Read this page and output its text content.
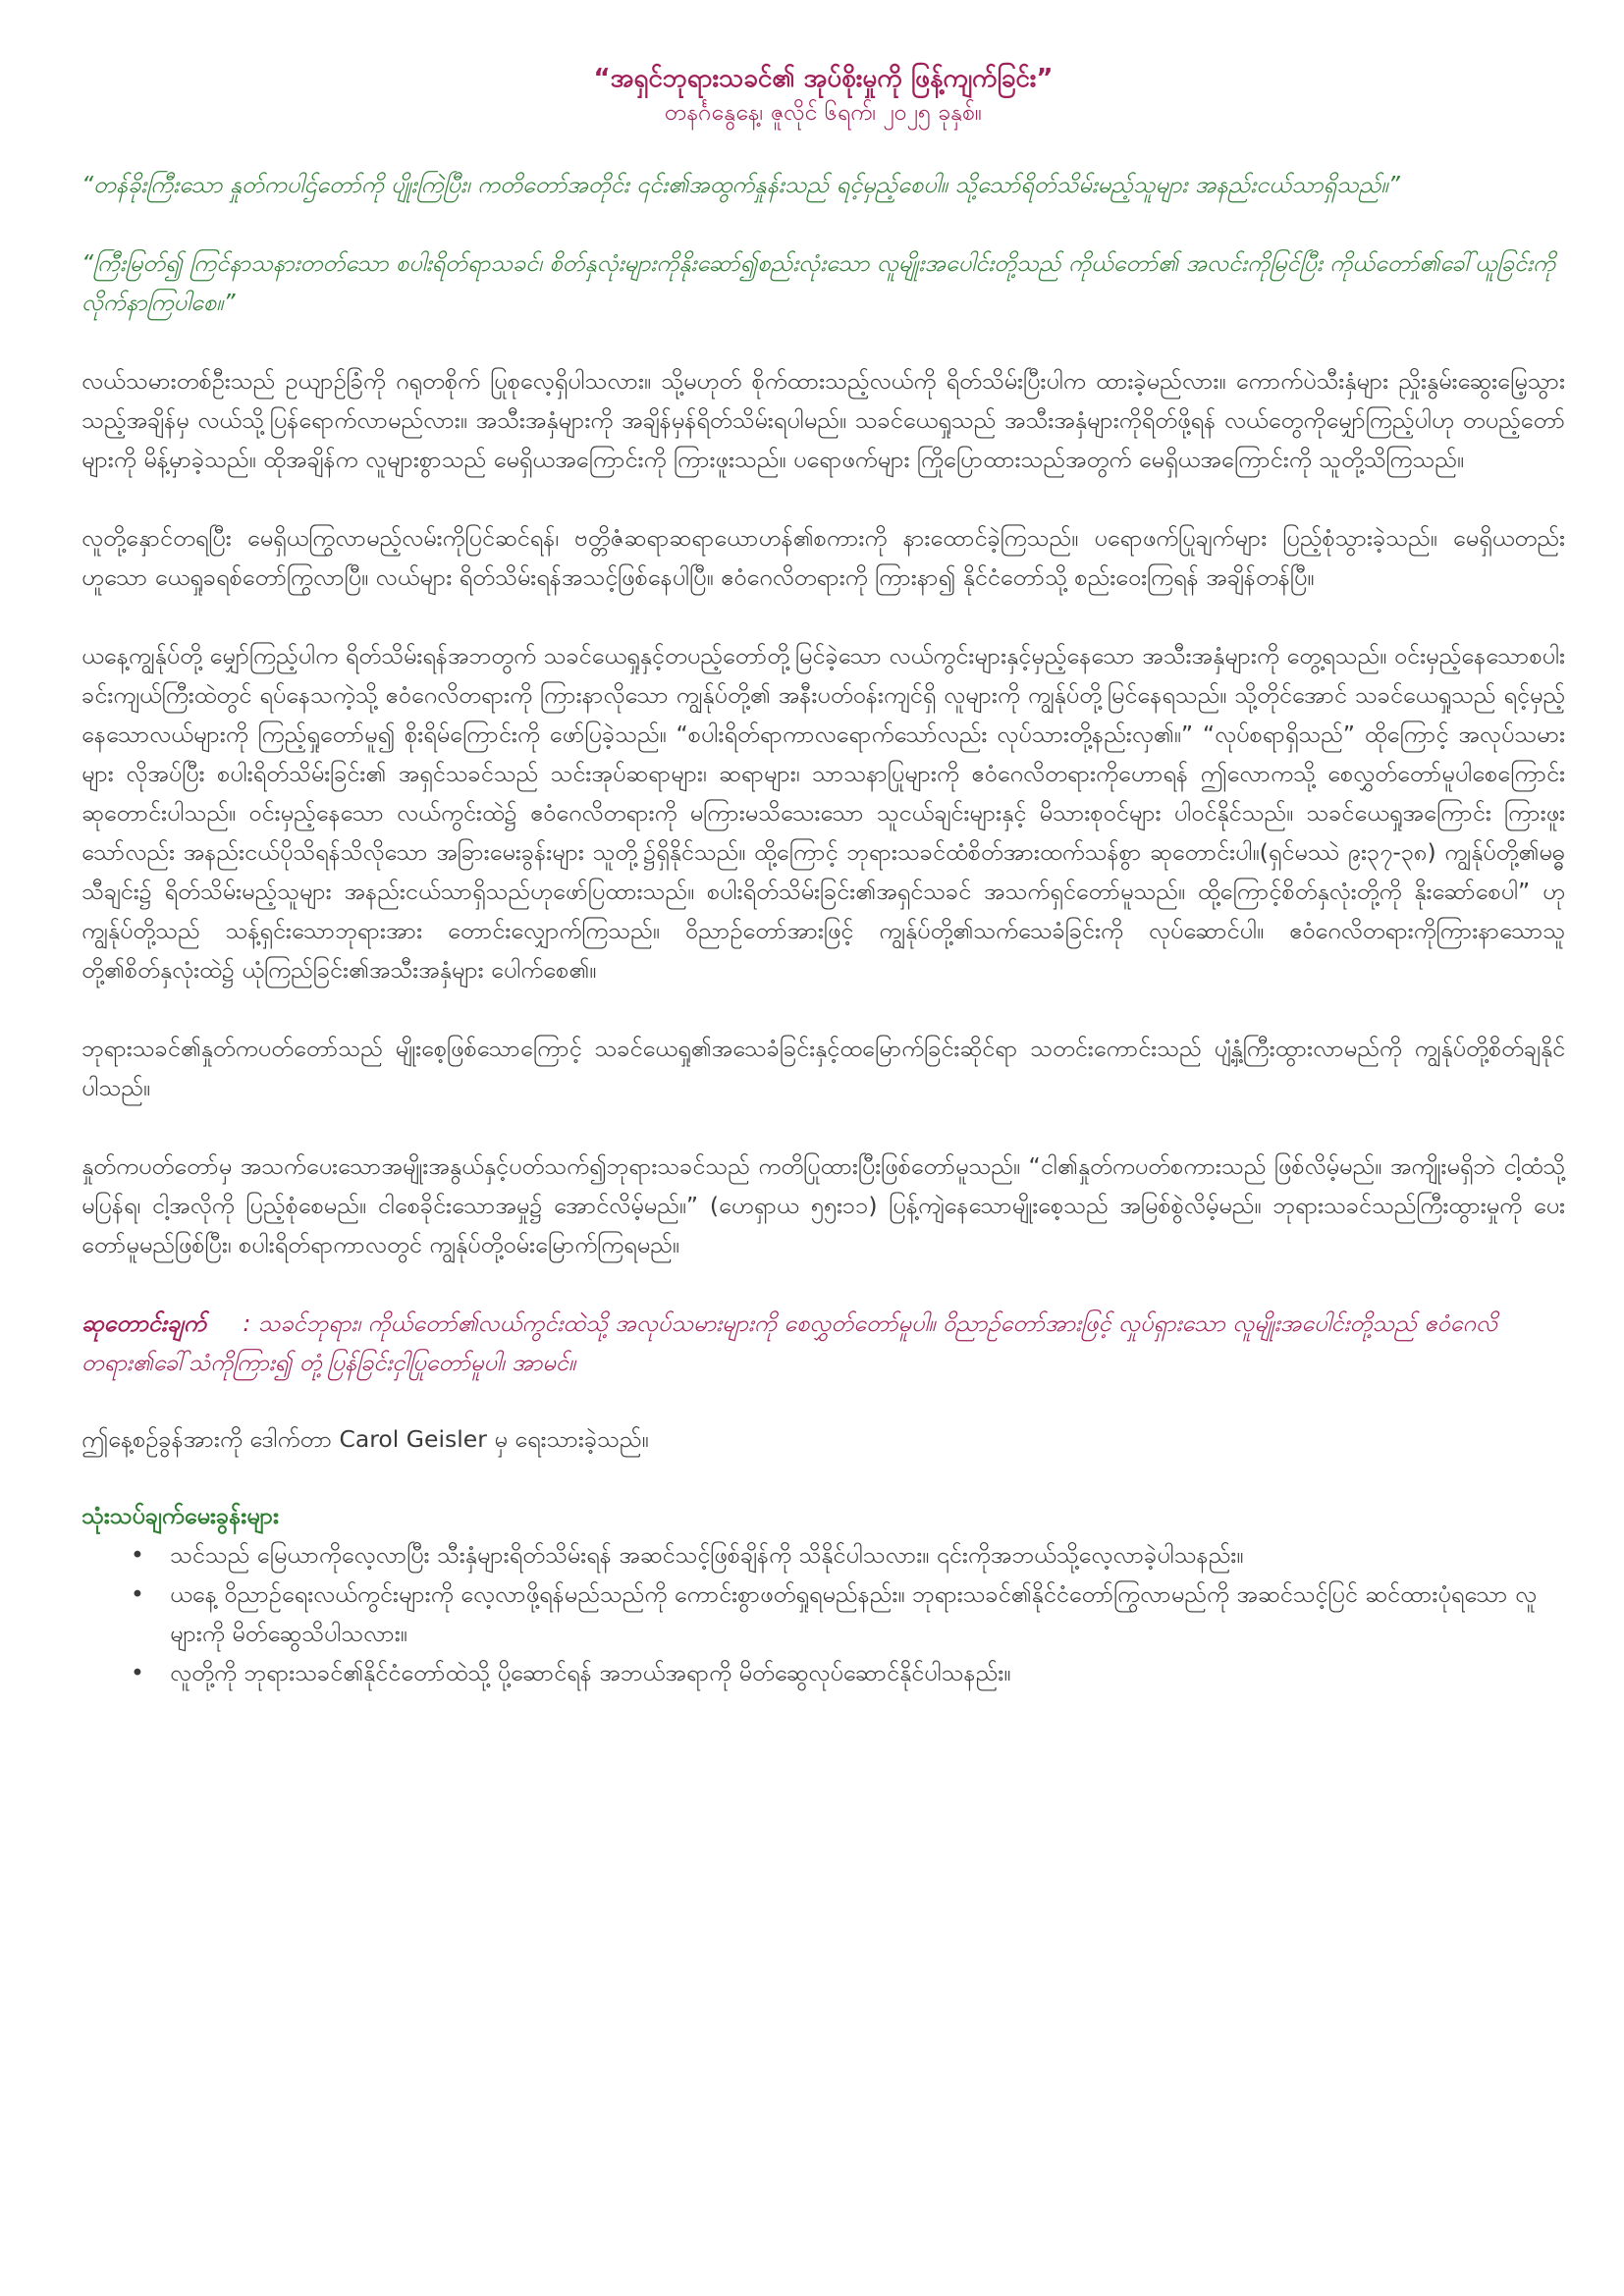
“အရှင်ဘုရားသခင်၏ အုပ်စိုးမှုကို ဖြန့်ကျက်ခြင်း”

တနင်္ဂနွေနေ့၊ ဇူလိုင် ၆ရက်၊ ၂၀၂၅ ခုနှစ်။

“တန်ခိုးကြီးသော နှုတ်ကပါဌ်တော်ကို ပျိုးကြဲပြီး၊ ကတိတော်အတိုင်း ၎င်း၏အထွက်နှုန်းသည် ရင့်မှည့်စေပါ။ သို့သော်ရိတ်သိမ်းမည့်သူများ အနည်းငယ်သာရှိသည်။”

“ကြီးမြတ်၍ ကြင်နာသနားတတ်သော စပါးရိတ်ရာသခင်၊ စိတ်နှလုံးများကိုနိုးဆော်၍စည်းလုံးသော လူမျိုးအပေါင်းတို့သည် ကိုယ်တော်၏ အလင်းကိုမြင်ပြီး ကိုယ်တော်၏ခေါ်ယူခြင်းကို လိုက်နာကြပါစေ။”

လယ်သမားတစ်ဦးသည် ဥယျာဉ်ခြံကို ဂရုတစိုက် ပြုစုလေ့ရှိပါသလား။ သို့မဟုတ် စိုက်ထားသည့်လယ်ကို ရိတ်သိမ်းပြီးပါက ထားခဲ့မည်လား။ ကောက်ပဲသီးနှံများ ညှိုးနွမ်းဆွေးမြေ့သွားသည့်အချိန်မှ လယ်သို့ပြန်ရောက်လာမည်လား။ အသီးအနှံများကို အချိန်မှန်ရိတ်သိမ်းရပါမည်။ သခင်ယေရှုသည် အသီးအနှံများကိုရိတ်ဖို့ရန် လယ်တွေကိုမျှော်ကြည့်ပါဟု တပည့်တော်များကို မိန့်မှာခဲ့သည်။ ထိုအချိန်က လူများစွာသည် မေရှိယအကြောင်းကို ကြားဖူးသည်။ ပရောဖက်များ ကြိုပြောထားသည်အတွက် မေရှိယအကြောင်းကို သူတို့သိကြသည်။

လူတို့နှောင်တရပြီး မေရှိယကြွလာမည့်လမ်းကိုပြင်ဆင်ရန်၊ ဗတ္တိဇံဆရာဆရာယောဟန်၏စကားကို နားထောင်ခဲ့ကြသည်။ ပရောဖက်ပြုချက်များ ပြည့်စုံသွားခဲ့သည်။ မေရှိယတည်းဟူသော ယေရှုခရစ်တော်ကြွလာပြီ။ လယ်များ ရိတ်သိမ်းရန်အသင့်ဖြစ်နေပါပြီ။ ဧဝံဂေလိတရားကို ကြားနာ၍ နိုင်ငံတော်သို့ စည်းဝေးကြရန် အချိန်တန်ပြီ။

ယနေ့ကျွန်ုပ်တို့ မျှော်ကြည့်ပါက ရိတ်သိမ်းရန်အဘတွက် သခင်ယေရှုနှင့်တပည့်တော်တို့မြင်ခဲ့သော လယ်ကွင်းများနှင့်မှည့်နေသော အသီးအနှံများကို တွေ့ရသည်။ ဝင်းမှည့်နေသောစပါးခင်းကျယ်ကြီးထဲတွင် ရပ်နေသကဲ့သို့ ဧဝံဂေလိတရားကို ကြားနာလိုသော ကျွန်ုပ်တို့၏ အနီးပတ်ဝန်းကျင်ရှိ လူများကို ကျွန်ုပ်တို့မြင်နေရသည်။ သို့တိုင်အောင် သခင်ယေရှုသည် ရင့်မှည့်နေသောလယ်များကို ကြည့်ရှုတော်မူ၍ စိုးရိမ်ကြောင်းကို ဖော်ပြခဲ့သည်။ “စပါးရိတ်ရာကာလရောက်သော်လည်း လုပ်သားတို့နည်းလှ၏။” “လုပ်စရာရှိသည်” ထိုကြောင့် အလုပ်သမားများ လိုအပ်ပြီး စပါးရိတ်သိမ်းခြင်း၏ အရှင်သခင်သည် သင်းအုပ်ဆရာများ၊ ဆရာများ၊ သာသနာပြုများကို ဧဝံဂေလိတရားကိုဟောရန် ဤလောကသို့ စေလွှတ်တော်မူပါစေကြောင်း ဆုတောင်းပါသည်။ ဝင်းမှည့်နေသော လယ်ကွင်းထဲ၌ ဧဝံဂေလိတရားကို မကြားမသိသေးသော သူငယ်ချင်းများနှင့် မိသားစုဝင်များ ပါဝင်နိုင်သည်။ သခင်ယေရှုအကြောင်း ကြားဖူးသော်လည်း အနည်းငယ်ပိုသိရန်သိလိုသော အခြားမေးခွန်းများ သူတို့၌ရှိနိုင်သည်။ ထို့ကြောင့် ဘုရားသခင်ထံစိတ်အားထက်သန်စွာ ဆုတောင်းပါ။(ရှင်မဿဲ ၉း၃၇-၃၈) ကျွန်ုပ်တို့၏မဓ္ဓသီချင်း၌ ရိတ်သိမ်းမည့်သူများ အနည်းငယ်သာရှိသည်ဟုဖော်ပြထားသည်။ စပါးရိတ်သိမ်းခြင်း၏အရှင်သခင် အသက်ရှင်တော်မူသည်။ ထို့ကြောင့်စိတ်နှလုံးတို့ကို နိုးဆော်စေပါ” ဟု ကျွန်ုပ်တို့သည် သန့်ရှင်းသောဘုရားအား တောင်းလျှောက်ကြသည်။ ဝိညာဉ်တော်အားဖြင့် ကျွန်ုပ်တို့၏သက်သေခံခြင်းကို လုပ်ဆောင်ပါ။ ဧဝံဂေလိတရားကိုကြားနာသောသူတို့၏စိတ်နှလုံးထဲ၌ ယုံကြည်ခြင်း၏အသီးအနှံများ ပေါက်စေ၏။

ဘုရားသခင်၏နှုတ်ကပတ်တော်သည် မျိုးစေ့ဖြစ်သောကြောင့် သခင်ယေရှု၏အသေခံခြင်းနှင့်ထမြောက်ခြင်းဆိုင်ရာ သတင်းကောင်းသည် ပျံ့နှံ့ကြီးထွားလာမည်ကို ကျွန်ုပ်တို့စိတ်ချနိုင်ပါသည်။

နှုတ်ကပတ်တော်မှ အသက်ပေးသောအမျိုးအနွယ်နှင့်ပတ်သက်၍ဘုရားသခင်သည် ကတိပြုထားပြီးဖြစ်တော်မူသည်။ “ငါ၏နှုတ်ကပတ်စကားသည် ဖြစ်လိမ့်မည်။ အကျိုးမရှိဘဲ ငါ့ထံသို့မပြန်ရ၊ ငါ့အလိုကို ပြည့်စုံစေမည်။ ငါစေခိုင်းသောအမှု၌ အောင်လိမ့်မည်။” (ဟေရှာယ ၅၅း၁၁) ပြန့်ကျဲနေသောမျိုးစေ့သည် အမြစ်စွဲလိမ့်မည်။ ဘုရားသခင်သည်ကြီးထွားမှုကို ပေးတော်မူမည်ဖြစ်ပြီး၊ စပါးရိတ်ရာကာလတွင် ကျွန်ုပ်တို့ဝမ်းမြောက်ကြရမည်။

ဆုတောင်းချက် : သခင်ဘုရား၊ ကိုယ်တော်၏လယ်ကွင်းထဲသို့ အလုပ်သမားများကို စေလွှတ်တော်မူပါ။ ဝိညာဉ်တော်အားဖြင့် လှုပ်ရှားသော လူမျိုးအပေါင်းတို့သည် ဧဝံဂေလိတရား၏ခေါ်သံကိုကြား၍ တုံ့ပြန်ခြင်းငှါပြုတော်မူပါ၊ အာမင်။

ဤနေ့စဉ်ခွန်အားကို ဒေါက်တာ Carol Geisler မှ ရေးသားခဲ့သည်။

သုံးသပ်ချက်မေးခွန်းများ

•	သင်သည် မြေယာကိုလေ့လာပြီး သီးနှံများရိတ်သိမ်းရန် အဆင်သင့်ဖြစ်ချိန်ကို သိနိုင်ပါသလား။ ၎င်းကိုအဘယ်သို့လေ့လာခဲ့ပါသနည်း။
•	ယနေ့ ဝိညာဉ်ရေးလယ်ကွင်းများကို လေ့လာဖို့ရန်မည်သည်ကို ကောင်းစွာဖတ်ရှုရမည်နည်း။ ဘုရားသခင်၏နိုင်ငံတော်ကြွလာမည်ကို အဆင်သင့်ပြင် ဆင်ထားပုံရသော လူများကို မိတ်ဆွေသိပါသလား။
•	လူတို့ကို ဘုရားသခင်၏နိုင်ငံတော်ထဲသို့ ပို့ဆောင်ရန် အဘယ်အရာကို မိတ်ဆွေလုပ်ဆောင်နိုင်ပါသနည်း။
